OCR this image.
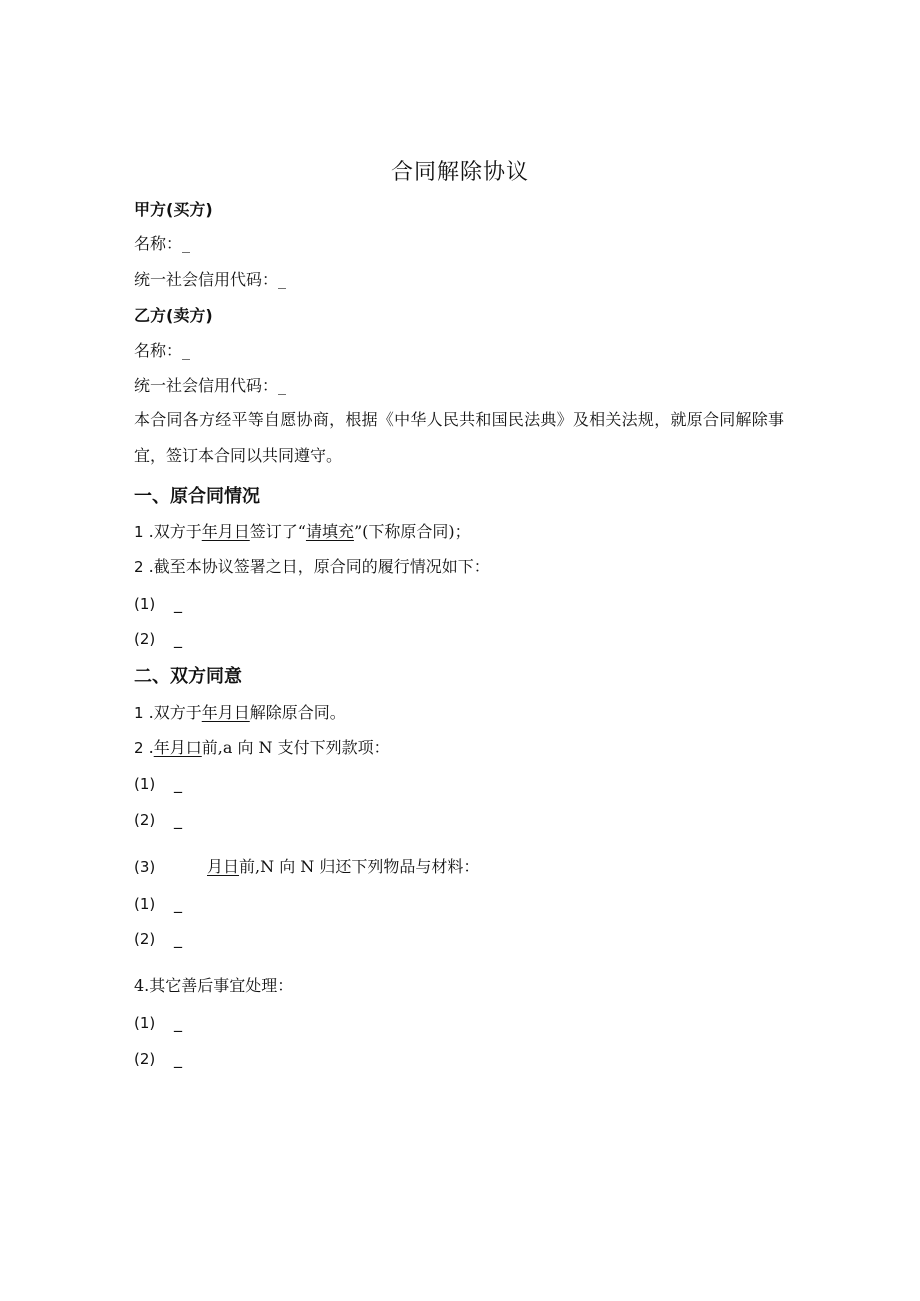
合同解除协议
甲方(买方)
名称：_
统一社会信用代码：_
乙方(卖方)
名称：_
统一社会信用代码：_
本合同各方经平等自愿协商，根据《中华人民共和国民法典》及相关法规，就原合同解除事宜，签订本合同以共同遵守。
一、原合同情况
1 .双方于年月日签订了“请填充”(下称原合同)；
2 .截至本协议签署之日，原合同的履行情况如下：
(1) _
(2) _
二、双方同意
1 .双方于年月日解除原合同。
2 .年月口前,a 向 N 支付下列款项：
(1) _
(2) _
(3)	月日前,N 向 N 归还下列物品与材料：
(1) _
(2) _
4.其它善后事宜处理：
(1) _
(2) _
